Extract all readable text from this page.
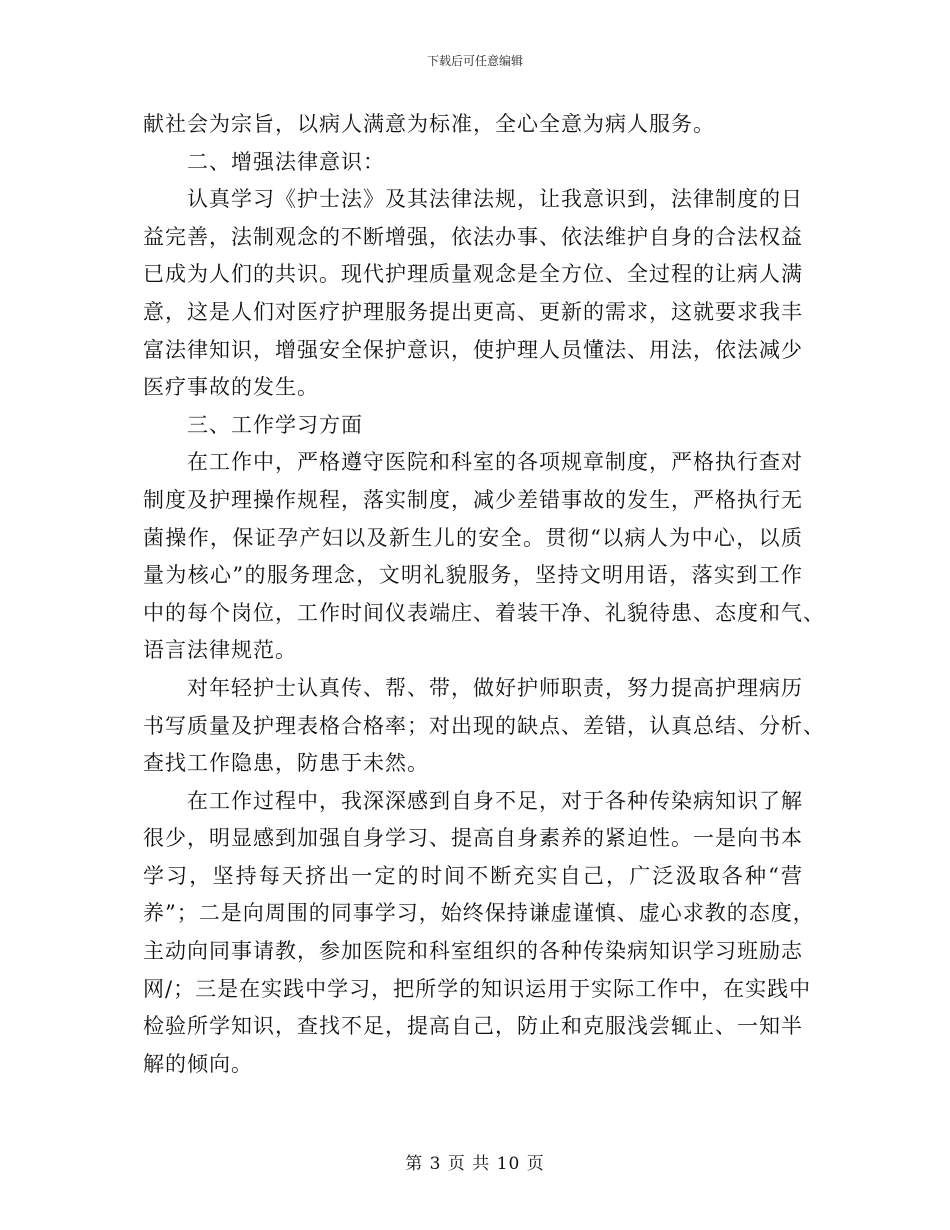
下载后可任意编辑
献社会为宗旨，以病人满意为标准，全心全意为病人服务。
二、增强法律意识：
认真学习《护士法》及其法律法规，让我意识到，法律制度的日
益完善，法制观念的不断增强，依法办事、依法维护自身的合法权益
已成为人们的共识。现代护理质量观念是全方位、全过程的让病人满
意，这是人们对医疗护理服务提出更高、更新的需求，这就要求我丰
富法律知识，增强安全保护意识，使护理人员懂法、用法，依法减少
医疗事故的发生。
三、工作学习方面
在工作中，严格遵守医院和科室的各项规章制度，严格执行查对
制度及护理操作规程，落实制度，减少差错事故的发生，严格执行无
菌操作，保证孕产妇以及新生儿的安全。贯彻“以病人为中心，以质
量为核心”的服务理念，文明礼貌服务，坚持文明用语，落实到工作
中的每个岗位，工作时间仪表端庄、着装干净、礼貌待患、态度和气、
语言法律规范。
对年轻护士认真传、帮、带，做好护师职责，努力提高护理病历
书写质量及护理表格合格率；对出现的缺点、差错，认真总结、分析、
查找工作隐患，防患于未然。
在工作过程中，我深深感到自身不足，对于各种传染病知识了解
很少，明显感到加强自身学习、提高自身素养的紧迫性。一是向书本
学习，坚持每天挤出一定的时间不断充实自己，广泛汲取各种“营
养”；二是向周围的同事学习，始终保持谦虚谨慎、虚心求教的态度，
主动向同事请教，参加医院和科室组织的各种传染病知识学习班励志
网/；三是在实践中学习，把所学的知识运用于实际工作中，在实践中
检验所学知识，查找不足，提高自己，防止和克服浅尝辄止、一知半
解的倾向。
第 3 页 共 10 页
